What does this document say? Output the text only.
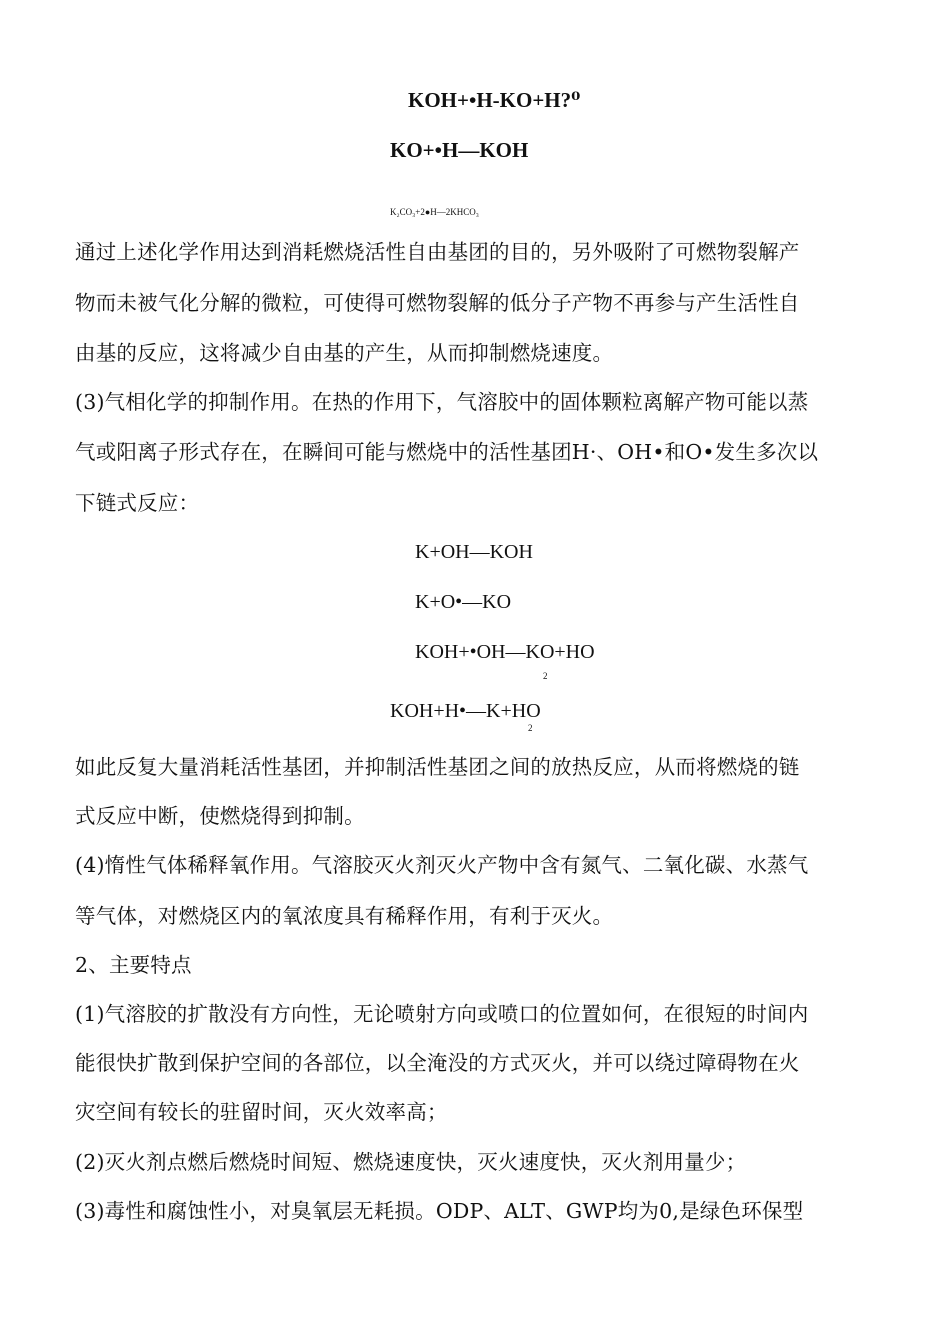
KOH+•H-KO+H?⁰
KO+•H—KOH
K₂CO₃+2●H—2KHCO₃
通过上述化学作用达到消耗燃烧活性自由基团的目的，另外吸附了可燃物裂解产
物而未被气化分解的微粒，可使得可燃物裂解的低分子产物不再参与产生活性自
由基的反应，这将减少自由基的产生，从而抑制燃烧速度。
(3)气相化学的抑制作用。在热的作用下，气溶胶中的固体颗粒离解产物可能以蒸
气或阳离子形式存在，在瞬间可能与燃烧中的活性基团H·、OH•和O•发生多次以
下链式反应：
K+OH—KOH
K+O•—KO
KOH+•OH—KO+HO
2
KOH+H•—K+HO
2
如此反复大量消耗活性基团，并抑制活性基团之间的放热反应，从而将燃烧的链
式反应中断，使燃烧得到抑制。
(4)惰性气体稀释氧作用。气溶胶灭火剂灭火产物中含有氮气、二氧化碳、水蒸气
等气体，对燃烧区内的氧浓度具有稀释作用，有利于灭火。
2、主要特点
(1)气溶胶的扩散没有方向性，无论喷射方向或喷口的位置如何，在很短的时间内
能很快扩散到保护空间的各部位，以全淹没的方式灭火，并可以绕过障碍物在火
灾空间有较长的驻留时间，灭火效率高；
(2)灭火剂点燃后燃烧时间短、燃烧速度快，灭火速度快，灭火剂用量少；
(3)毒性和腐蚀性小，对臭氧层无耗损。ODP、ALT、GWP均为0,是绿色环保型
